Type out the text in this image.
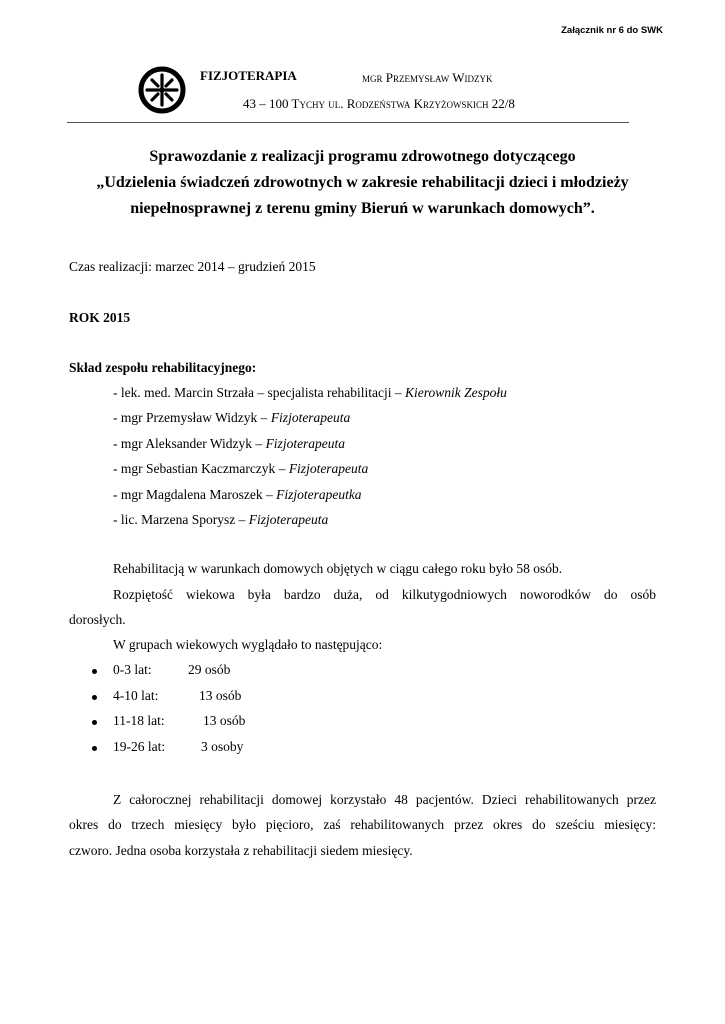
Załącznik nr 6 do SWK
FIZJOTERAPIA	mgr Przemysław Widzyk
43 – 100 Tychy ul. Rodzeństwa Krzyżowskich 22/8
Sprawozdanie z realizacji programu zdrowotnego dotyczącego
„Udzielenia świadczeń zdrowotnych w zakresie rehabilitacji dzieci i młodzieży
niepełnosprawnej z terenu gminy Bieruń w warunkach domowych”.
Czas realizacji: marzec 2014 – grudzień 2015
ROK 2015
Skład zespołu rehabilitacyjnego:
- lek. med. Marcin Strzała – specjalista rehabilitacji – Kierownik Zespołu
- mgr Przemysław Widzyk – Fizjoterapeuta
- mgr Aleksander Widzyk – Fizjoterapeuta
- mgr Sebastian Kaczmarczyk – Fizjoterapeuta
- mgr Magdalena Maroszek – Fizjoterapeutka
- lic. Marzena Sporysz – Fizjoterapeuta
Rehabilitacją w warunkach domowych objętych w ciągu całego roku było 58 osób.
Rozpiętość wiekowa była bardzo duża, od kilkutygodniowych noworodków do osób
dorosłych.
W grupach wiekowych wyglądało to następująco:
0-3 lat:	29 osób
4-10 lat:	13 osób
11-18 lat:	13 osób
19-26 lat:	3 osoby
Z całorocznej rehabilitacji domowej korzystało 48 pacjentów. Dzieci rehabilitowanych przez
okres do trzech miesięcy było pięcioro, zaś rehabilitowanych przez okres do sześciu miesięcy:
czworo. Jedna osoba korzystała z rehabilitacji siedem miesięcy.
